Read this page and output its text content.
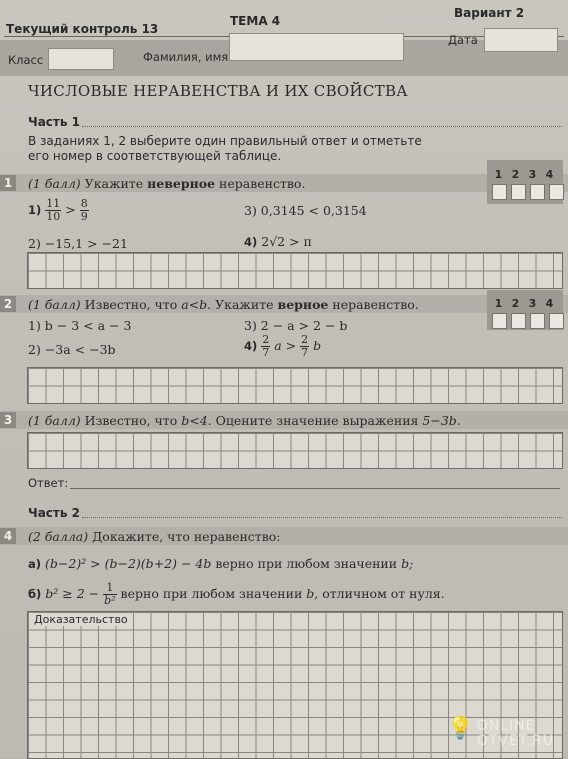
Текущий контроль 13
ТЕМА 4
Вариант 2
Класс	Фамилия, имя
Дата
ЧИСЛОВЫЕ НЕРАВЕНСТВА И ИХ СВОЙСТВА
Часть 1
В заданиях 1, 2 выберите один правильный ответ и отметьте
его номер в соответствующей таблице.
1	(1 балл) Укажите неверное неравенство.
1 2 3 4
$1) \frac{11}{10} > \frac{8}{9}$	3) 0,3145 < 0,3154
2) −15,1 > −21	4) 2√2 > π
2	(1 балл) Известно, что a<b. Укажите верное неравенство.	1 2 3 4
1) b − 3 < a − 3	3) 2 − a > 2 − b
2) −3a < −3b	$4) \frac{2}{7}$ $a > \frac{2}{7}$ b
3	(1 балл) Известно, что b<4. Оцените значение выражения 5−3b.
Ответ:
Часть 2
4	(2 балла) Докажите, что неравенство:
а) (b−2)² > (b−2)(b+2) − 4b верно при любом значении b;
б) $b^2 \ge 2 - \frac{1}{\text{b²}}$ верно при любом значении b, отличном от нуля.
Доказательство
💡 ONLINE
OTVET.RU
